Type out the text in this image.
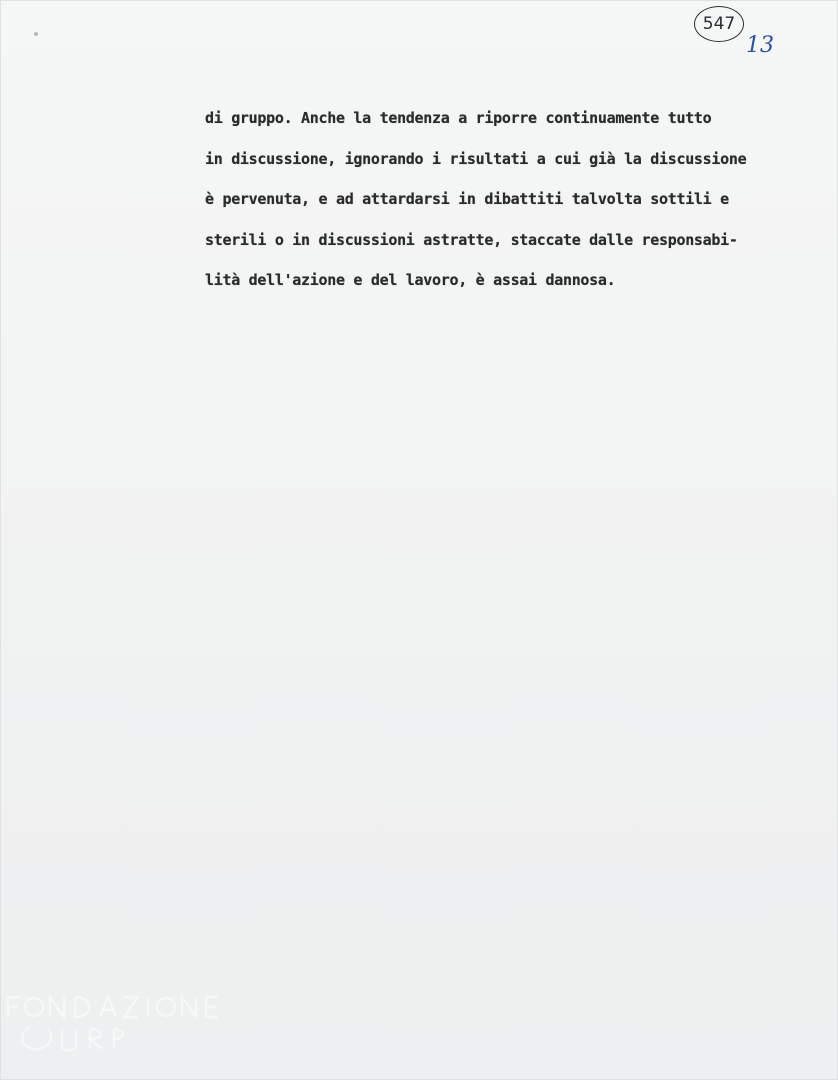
547
13
di gruppo. Anche la tendenza a riporre continuamente tutto
in discussione, ignorando i risultati a cui già la discussione
è pervenuta, e ad attardarsi in dibattiti talvolta sottili e
sterili o in discussioni astratte, staccate dalle responsabi-
lità dell'azione e del lavoro, è assai dannosa.
